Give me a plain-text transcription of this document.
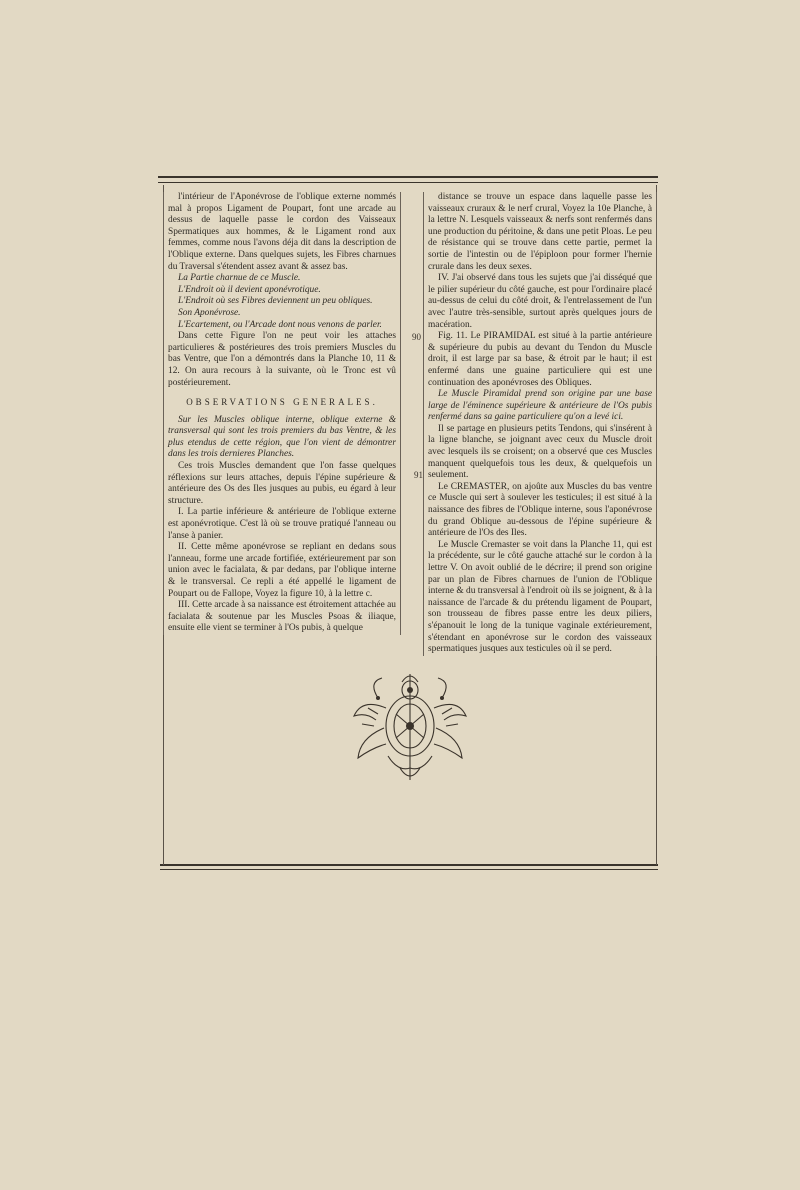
l'intérieur de l'Aponévrose de l'oblique externe nommés mal à propos Ligament de Poupart, font une arcade au dessus de laquelle passe le cordon des Vaisseaux Spermatiques aux hommes, & le Ligament rond aux femmes, comme nous l'avons déja dit dans la description de l'Oblique externe. Dans quelques sujets, les Fibres charnues du Traversal s'étendent assez avant & assez bas.

La Partie charnue de ce Muscle.

L'Endroit où il devient aponévrotique.

L'Endroit où ses Fibres deviennent un peu obliques.

Son Aponévrose.

L'Ecartement, ou l'Arcade dont nous venons de parler.

Dans cette Figure l'on ne peut voir les attaches particulieres & postérieures des trois premiers Muscles du bas Ventre, que l'on a démontrés dans la Planche 10, 11 & 12. On aura recours à la suivante, où le Tronc est vû postérieurement.

OBSERVATIONS GENERALES.

Sur les Muscles oblique interne, oblique externe & transversal qui sont les trois premiers du bas Ventre, & les plus etendus de cette région, que l'on vient de démontrer dans les trois dernieres Planches.

Ces trois Muscles demandent que l'on fasse quelques réflexions sur leurs attaches, depuis l'épine supérieure & antérieure des Os des Iles jusques au pubis, eu égard à leur structure.

I. La partie inférieure & antérieure de l'oblique externe est aponévrotique. C'est là où se trouve pratiqué l'anneau ou l'anse à panier.

II. Cette même aponévrose se repliant en dedans sous l'anneau, forme une arcade fortifiée, extérieurement par son union avec le facialata, & par dedans, par l'oblique interne & le transversal. Ce repli a été appellé le ligament de Poupart ou de Fallope, Voyez la figure 10, à la lettre c.

III. Cette arcade à sa naissance est étroitement attachée au facialata & soutenue par les Muscles Psoas & iliaque, ensuite elle vient se terminer à l'Os pubis, à quelque

distance se trouve un espace dans laquelle passe les vaisseaux cruraux & le nerf crural, Voyez la 10e Planche, à la lettre N. Lesquels vaisseaux & nerfs sont renfermés dans une production du péritoine, & dans une petit Ploas. Le peu de résistance qui se trouve dans cette partie, permet la sortie de l'intestin ou de l'épiploon pour former l'hernie crurale dans les deux sexes.

IV. J'ai observé dans tous les sujets que j'ai disséqué que le pilier supérieur du côté gauche, est pour l'ordinaire placé au-dessus de celui du côté droit, & l'entrelassement de l'un avec l'autre très-sensible, surtout après quelques jours de macération.

Fig. 11. Le PIRAMIDAL est situé à la partie antérieure & supérieure du pubis au devant du Tendon du Muscle droit, il est large par sa base, & étroit par le haut; il est enfermé dans une guaine particuliere qui est une continuation des aponévroses des Obliques.

Le Muscle Piramidal prend son origine par une base large de l'éminence supérieure & antérieure de l'Os pubis renfermé dans sa gaine particuliere qu'on a levé ici.

Il se partage en plusieurs petits Tendons, qui s'insérent à la ligne blanche, se joignant avec ceux du Muscle droit avec lesquels ils se croisent; on a observé que ces Muscles manquent quelquefois tous les deux, & quelquefois un seulement.

Le CREMASTER, on ajoûte aux Muscles du bas ventre ce Muscle qui sert à soulever les testicules; il est situé à la naissance des fibres de l'Oblique interne, sous l'aponévrose du grand Oblique au-dessous de l'épine supérieure & antérieure de l'Os des Iles.

Le Muscle Cremaster se voit dans la Planche 11, qui est la précédente, sur le côté gauche attaché sur le cordon à la lettre V. On avoit oublié de le décrire; il prend son origine par un plan de Fibres charnues de l'union de l'Oblique interne & du transversal à l'endroit où ils se joignent, & à la naissance de l'arcade & du prétendu ligament de Poupart, son trousseau de fibres passe entre les deux piliers, s'épanouit le long de la tunique vaginale extérieurement, s'étendant en aponévrose sur le cordon des vaisseaux spermatiques jusques aux testicules où il se perd.

90
91
